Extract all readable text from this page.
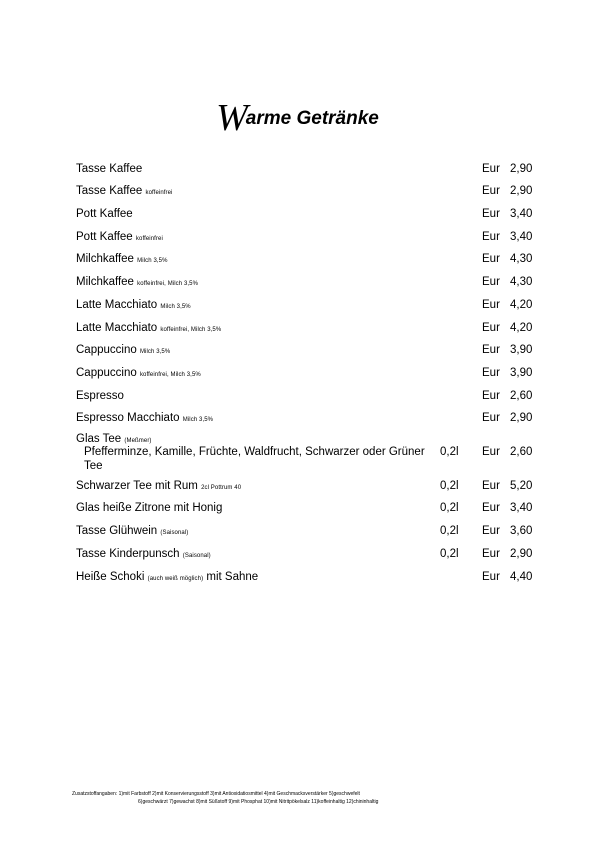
Warme Getränke
Tasse Kaffee	Eur 2,90
Tasse Kaffee koffeinfrei	Eur 2,90
Pott Kaffee	Eur 3,40
Pott Kaffee koffeinfrei	Eur 3,40
Milchkaffee Milch 3,5%	Eur 4,30
Milchkaffee koffeinfrei, Milch 3,5%	Eur 4,30
Latte Macchiato Milch 3,5%	Eur 4,20
Latte Macchiato koffeinfrei, Milch 3,5%	Eur 4,20
Cappuccino Milch 3,5%	Eur 3,90
Cappuccino koffeinfrei, Milch 3,5%	Eur 3,90
Espresso	Eur 2,60
Espresso Macchiato Milch 3,5%	Eur 2,90
Glas Tee (Meßmer)
Pfefferminze, Kamille, Früchte, Waldfrucht, Schwarzer oder Grüner Tee
0,2l Eur 2,60
Schwarzer Tee mit Rum 2cl Pottrum 40	0,2l Eur 5,20
Glas heiße Zitrone mit Honig	0,2l Eur 3,40
Tasse Glühwein (Saisonal)	0,2l Eur 3,60
Tasse Kinderpunsch (Saisonal)	0,2l Eur 2,90
Heiße Schoki (auch weiß möglich) mit Sahne	Eur 4,40
Zusatzstoffangaben: 1)mit Farbstoff 2)mit Konservierungsstoff 3)mit Antioxidatiosmittel 4)mit Geschmacksverstärker 5)geschwefelt
6)geschwärzt 7)gewachst 8)mit Süßstoff 9)mit Phosphat 10)mit Nitritpökelsalz 11)koffeinhaltig 12)chininhaltig
